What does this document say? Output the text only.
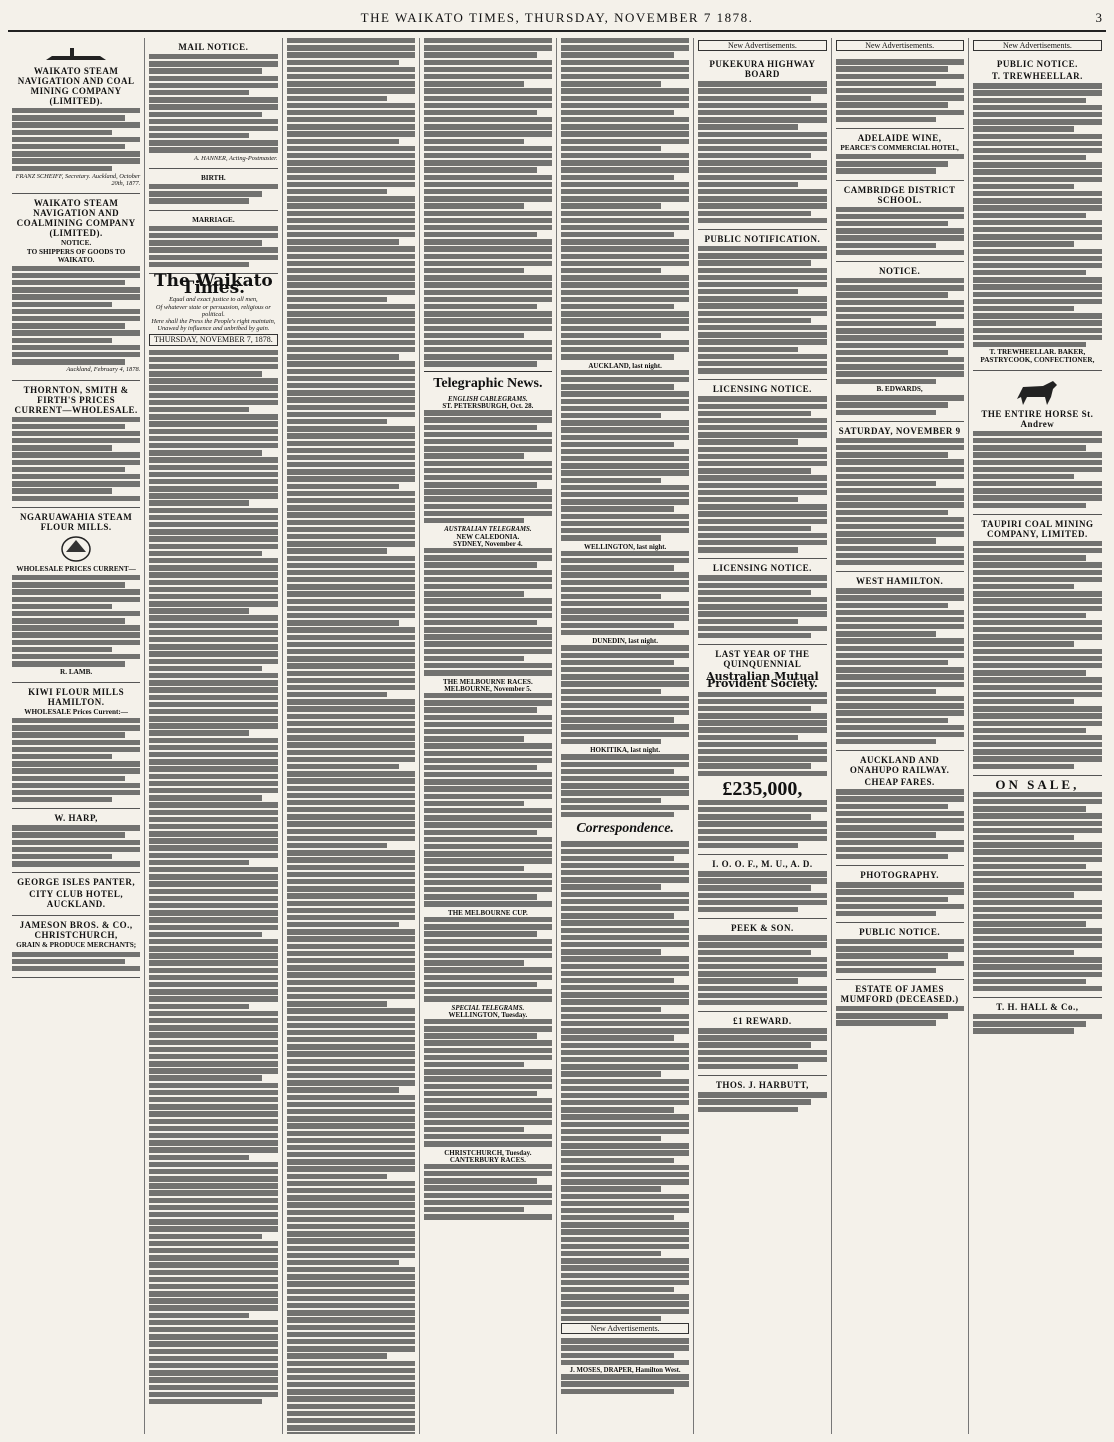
THE WAIKATO TIMES, THURSDAY, NOVEMBER 7 1878.	3
WAIKATO STEAM NAVIGATION AND COAL MINING COMPANY (LIMITED).

FRANZ SCHEIFF, Secretary. Auckland, October 20th, 1877.

WAIKATO STEAM NAVIGATION AND COALMINING COMPANY (LIMITED).
NOTICE.
TO SHIPPERS OF GOODS TO WAIKATO.

Auckland, February 4, 1878.

THORNTON, SMITH & FIRTH'S PRICES CURRENT—WHOLESALE.
NGARUAWAHIA STEAM FLOUR MILLS.
WHOLESALE PRICES CURRENT—
R. LAMB.
KIWI FLOUR MILLS HAMILTON.
WHOLESALE Prices Current:—
W. HARP,
GEORGE ISLES PANTER,
CITY CLUB HOTEL, AUCKLAND.
JAMESON BROS. & CO., CHRISTCHURCH,
GRAIN & PRODUCE MERCHANTS;
MAIL NOTICE.

A. HANNER, Acting-Postmaster.

BIRTH.
MARRIAGE.
The Waikato Times.
Equal and exact justice to all men,
Of whatever state or persuasion, religious or political.
Here shall the Press the People's right maintain,
Unawed by influence and unbribed by gain.
THURSDAY, NOVEMBER 7, 1878.
Telegraphic News.
ENGLISH CABLEGRAMS.
ST. PETERSBURGH, Oct. 28.
AUSTRALIAN TELEGRAMS.
NEW CALEDONIA.
SYDNEY, November 4.
THE MELBOURNE RACES.
MELBOURNE, November 5.
THE MELBOURNE CUP.
SPECIAL TELEGRAMS.
WELLINGTON, Tuesday.
CHRISTCHURCH, Tuesday.
CANTERBURY RACES.
AUCKLAND, last night.
WELLINGTON, last night.
DUNEDIN, last night.
HOKITIKA, last night.
Correspondence.
New Advertisements.
J. MOSES, DRAPER, Hamilton West.
New Advertisements.
PUKEKURA HIGHWAY BOARD
PUBLIC NOTIFICATION.
LICENSING NOTICE.
LICENSING NOTICE.
LAST YEAR OF THE QUINQUENNIAL
Australian Mutual Provident Society.
£235,000,
I. O. O. F., M. U., A. D.
PEEK & SON.
£1 REWARD.
THOS. J. HARBUTT,
New Advertisements.
ADELAIDE WINE,
PEARCE'S COMMERCIAL HOTEL,
CAMBRIDGE DISTRICT SCHOOL.
NOTICE.
B. EDWARDS,
SATURDAY, NOVEMBER 9
WEST HAMILTON.
AUCKLAND AND ONAHUPO RAILWAY.
CHEAP FARES.
PHOTOGRAPHY.
PUBLIC NOTICE.
ESTATE OF JAMES MUMFORD (DECEASED.)
New Advertisements.
PUBLIC NOTICE.
T. TREWHEELLAR.
T. TREWHEELLAR. BAKER, PASTRYCOOK, CONFECTIONER,
THE ENTIRE HORSE St. Andrew
TAUPIRI COAL MINING COMPANY, LIMITED.
ON SALE,
T. H. HALL & Co.,
